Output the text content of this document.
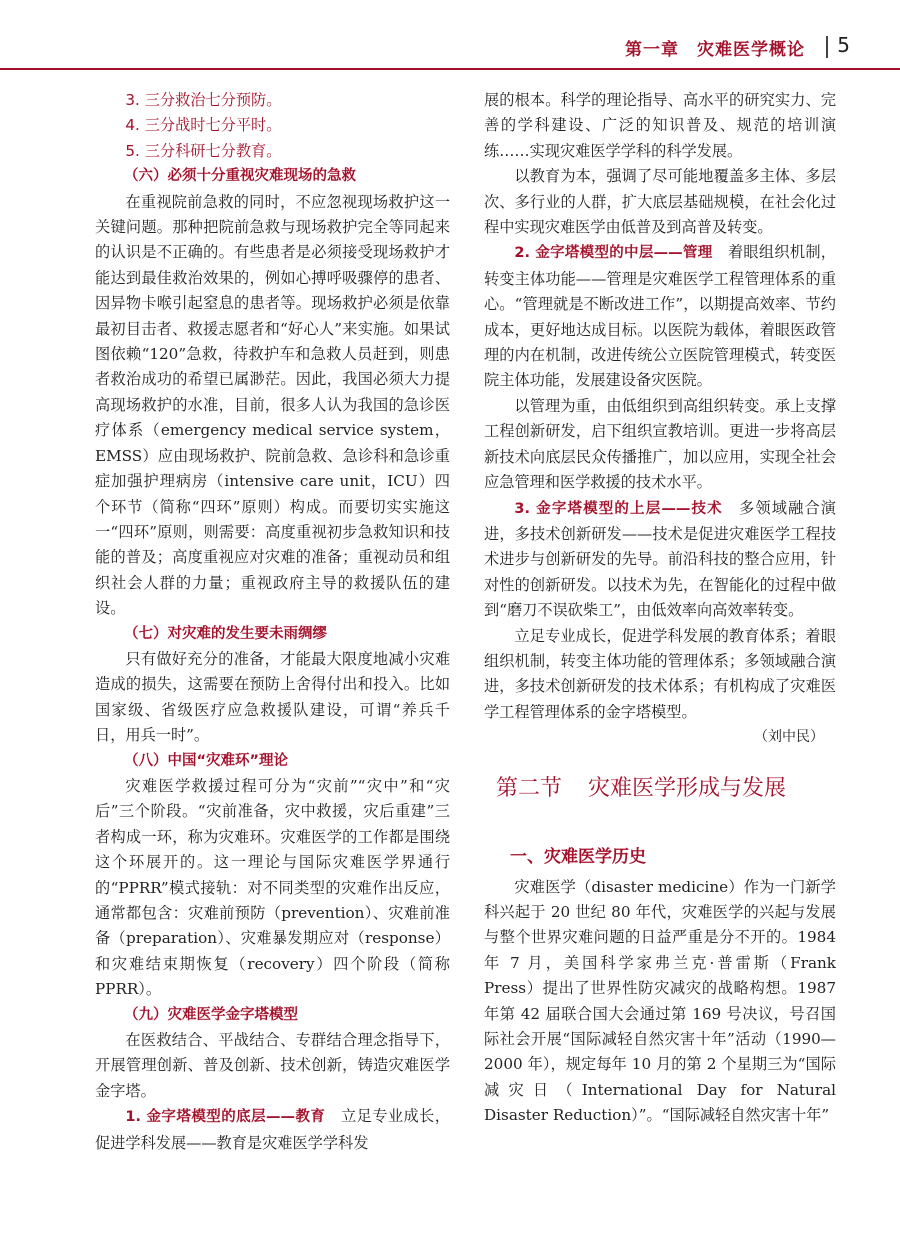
第一章　灾难医学概论 5

3. 三分救治七分预防。

4. 三分战时七分平时。

5. 三分科研七分教育。

（六）必须十分重视灾难现场的急救

在重视院前急救的同时，不应忽视现场救护这一关键问题。那种把院前急救与现场救护完全等同起来的认识是不正确的。有些患者是必须接受现场救护才能达到最佳救治效果的，例如心搏呼吸骤停的患者、因异物卡喉引起窒息的患者等。现场救护必须是依靠最初目击者、救援志愿者和“好心人”来实施。如果试图依赖“120”急救，待救护车和急救人员赶到，则患者救治成功的希望已属渺茫。因此，我国必须大力提高现场救护的水准，目前，很多人认为我国的急诊医疗体系（emergency medical service system，EMSS）应由现场救护、院前急救、急诊科和急诊重症加强护理病房（intensive care unit，ICU）四个环节（简称“四环”原则）构成。而要切实实施这一“四环”原则，则需要：高度重视初步急救知识和技能的普及；高度重视应对灾难的准备；重视动员和组织社会人群的力量；重视政府主导的救援队伍的建设。

（七）对灾难的发生要未雨绸缪

只有做好充分的准备，才能最大限度地减小灾难造成的损失，这需要在预防上舍得付出和投入。比如国家级、省级医疗应急救援队建设，可谓“养兵千日，用兵一时”。

（八）中国“灾难环”理论

灾难医学救援过程可分为“灾前”“灾中”和“灾后”三个阶段。“灾前准备，灾中救援，灾后重建”三者构成一环，称为灾难环。灾难医学的工作都是围绕这个环展开的。这一理论与国际灾难医学界通行的“PPRR”模式接轨：对不同类型的灾难作出反应，通常都包含：灾难前预防（prevention）、灾难前准备（preparation）、灾难暴发期应对（response）和灾难结束期恢复（recovery）四个阶段（简称 PPRR）。

（九）灾难医学金字塔模型

在医救结合、平战结合、专群结合理念指导下，开展管理创新、普及创新、技术创新，铸造灾难医学金字塔。

1. 金字塔模型的底层——教育　立足专业成长，促进学科发展——教育是灾难医学学科发

展的根本。科学的理论指导、高水平的研究实力、完善的学科建设、广泛的知识普及、规范的培训演练……实现灾难医学学科的科学发展。

以教育为本，强调了尽可能地覆盖多主体、多层次、多行业的人群，扩大底层基础规模，在社会化过程中实现灾难医学由低普及到高普及转变。

2. 金字塔模型的中层——管理　着眼组织机制，转变主体功能——管理是灾难医学工程管理体系的重心。“管理就是不断改进工作”，以期提高效率、节约成本，更好地达成目标。以医院为载体，着眼医政管理的内在机制，改进传统公立医院管理模式，转变医院主体功能，发展建设备灾医院。

以管理为重，由低组织到高组织转变。承上支撑工程创新研发，启下组织宣教培训。更进一步将高层新技术向底层民众传播推广，加以应用，实现全社会应急管理和医学救援的技术水平。

3. 金字塔模型的上层——技术　多领域融合演进，多技术创新研发——技术是促进灾难医学工程技术进步与创新研发的先导。前沿科技的整合应用，针对性的创新研发。以技术为先，在智能化的过程中做到“磨刀不误砍柴工”，由低效率向高效率转变。

立足专业成长，促进学科发展的教育体系；着眼组织机制，转变主体功能的管理体系；多领域融合演进，多技术创新研发的技术体系；有机构成了灾难医学工程管理体系的金字塔模型。

（刘中民）

第二节 灾难医学形成与发展
一、灾难医学历史

灾难医学（disaster medicine）作为一门新学科兴起于 20 世纪 80 年代，灾难医学的兴起与发展与整个世界灾难问题的日益严重是分不开的。1984 年 7 月，美国科学家弗兰克·普雷斯（Frank Press）提出了世界性防灾减灾的战略构想。1987 年第 42 届联合国大会通过第 169 号决议，号召国际社会开展“国际减轻自然灾害十年”活动（1990—2000 年），规定每年 10 月的第 2 个星期三为“国际减灾日（International Day for Natural Disaster Reduction）”。“国际减轻自然灾害十年”
